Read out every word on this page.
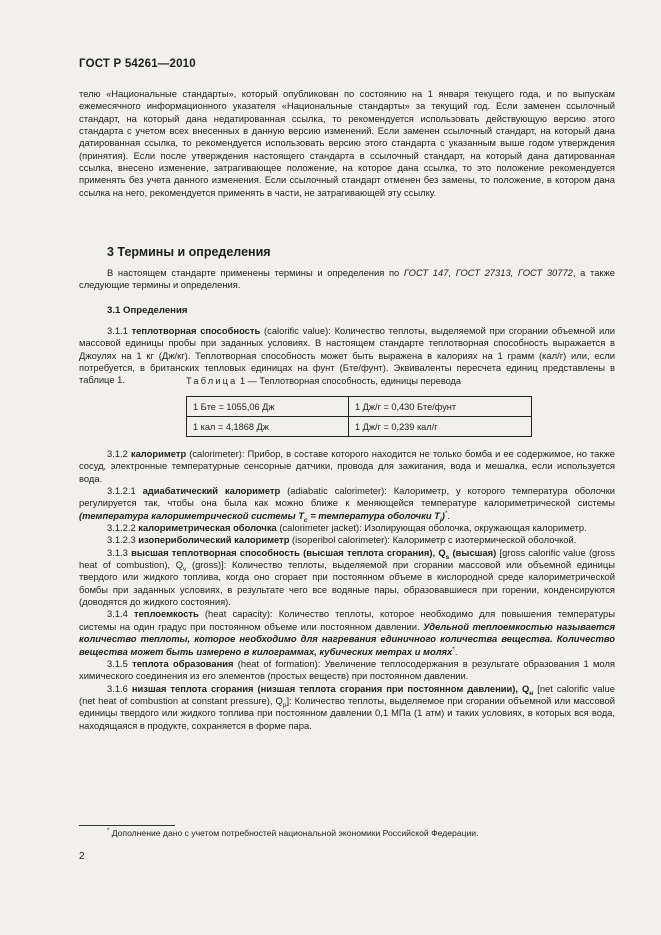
ГОСТ Р 54261—2010

телю «Национальные стандарты», который опубликован по состоянию на 1 января текущего года, и по выпускам ежемесячного информационного указателя «Национальные стандарты» за текущий год. Если заменен ссылочный стандарт, на который дана недатированная ссылка, то рекомендуется использовать действующую версию этого стандарта с учетом всех внесенных в данную версию изменений. Если заменен ссылочный стандарт, на который дана датированная ссылка, то рекомендуется использовать версию этого стандарта с указанным выше годом утверждения (принятия). Если после утверждения настоящего стандарта в ссылочный стандарт, на который дана датированная ссылка, внесено изменение, затрагивающее положение, на которое дана ссылка, то это положение рекомендуется применять без учета данного изменения. Если ссылочный стандарт отменен без замены, то положение, в котором дана ссылка на него, рекомендуется применять в части, не затрагивающей эту ссылку.

3 Термины и определения

В настоящем стандарте применены термины и определения по ГОСТ 147, ГОСТ 27313, ГОСТ 30772, а также следующие термины и определения.

3.1 Определения

3.1.1 теплотворная способность (calorific value): Количество теплоты, выделяемой при сгорании объемной или массовой единицы пробы при заданных условиях. В настоящем стандарте теплотворная способность выражается в Джоулях на 1 кг (Дж/кг). Теплотворная способность может быть выражена в калориях на 1 грамм (кал/г) или, если потребуется, в британских тепловых единицах на фунт (Бте/фунт). Эквиваленты пересчета единиц представлены в таблице 1.	Таблица 1 — Теплотворная способность, единицы перевода
1 Бте = 1055,06 Дж	1 Дж/г = 0,430 Бте/фунт
1 кал = 4,1868 Дж	1 Дж/г = 0,239 кал/г

3.1.2 калориметр (calorimeter): Прибор, в составе которого находится не только бомба и ее содержимое, но также сосуд, электронные температурные сенсорные датчики, провода для зажигания, вода и мешалка, если используется вода.

3.1.2.1 адиабатический калориметр (adiabatic calorimeter): Калориметр, у которого температура оболочки регулируется так, чтобы она была как можно ближе к меняющейся температуре калориметрической системы (температура калориметрической системы $T_c$ = температура оболочки $T_j)^*$.

3.1.2.2 калориметрическая оболочка (calorimeter jacket): Изолирующая оболочка, окружающая калориметр.

3.1.2.3 изопериболический калориметр (isoperibol calorimeter): Калориметр с изотермической оболочкой.

3.1.3 высшая теплотворная способность (высшая теплота сгорания), $Q_s$ (высшая) [gross calorific value (gross heat of combustion), $Q_v$ (gross)]: Количество теплоты, выделяемой при сгорании массовой или объемной единицы твердого или жидкого топлива, когда оно сгорает при постоянном объеме в кислородной среде калориметрической бомбы при заданных условиях, в результате чего все водяные пары, образовавшиеся при горении, конденсируются (доводятся до жидкого состояния).

3.1.4 теплоемкость (heat capacity): Количество теплоты, которое необходимо для повышения температуры системы на один градус при постоянном объеме или постоянном давлении. Удельной теплоемкостью называется количество теплоты, которое необходимо для нагревания единичного количества вещества. Количество вещества может быть измерено в килограммах, кубических метрах и молях*.

3.1.5 теплота образования (heat of formation): Увеличение теплосодержания в результате образования 1 моля химического соединения из его элементов (простых веществ) при постоянном давлении.

3.1.6 низшая теплота сгорания (низшая теплота сгорания при постоянном давлении), $Q_н$ [net calorific value (net heat of combustion at constant pressure), $Q_p$]: Количество теплоты, выделяемое при сгорании объемной или массовой единицы твердого или жидкого топлива при постоянном давлении 0,1 МПа (1 атм) и таких условиях, в которых вся вода, находящаяся в продукте, сохраняется в форме пара.

* Дополнение дано с учетом потребностей национальной экономики Российской Федерации.
2
